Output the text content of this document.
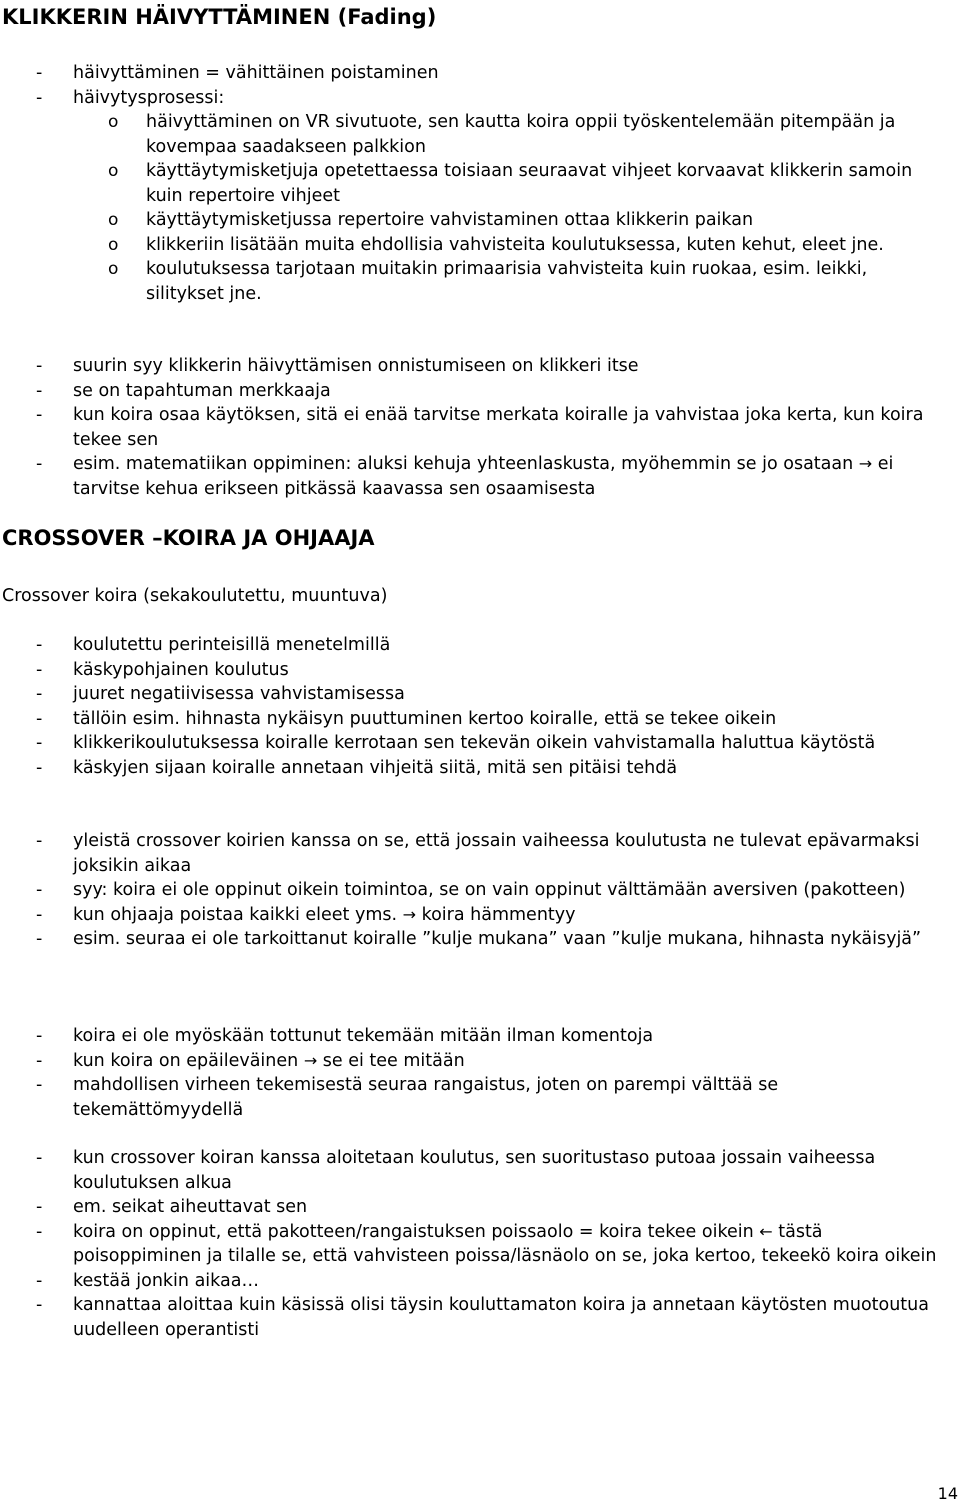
KLIKKERIN HÄIVYTTÄMINEN (Fading)
- häivyttäminen = vähittäinen poistaminen
- häivytysprosessi:
o häivyttäminen on VR sivutuote, sen kautta koira oppii työskentelemään pitempään ja kovempaa saadakseen palkkion
o käyttäytymisketjuja opetettaessa toisiaan seuraavat vihjeet korvaavat klikkerin samoin kuin repertoire vihjeet
o käyttäytymisketjussa repertoire vahvistaminen ottaa klikkerin paikan
o klikkeriin lisätään muita ehdollisia vahvisteita koulutuksessa, kuten kehut, eleet jne.
o koulutuksessa tarjotaan muitakin primaarisia vahvisteita kuin ruokaa, esim. leikki, silitykset jne.
- suurin syy klikkerin häivyttämisen onnistumiseen on klikkeri itse
- se on tapahtuman merkkaaja
- kun koira osaa käytöksen, sitä ei enää tarvitse merkata koiralle ja vahvistaa joka kerta, kun koira tekee sen
- esim. matematiikan oppiminen: aluksi kehuja yhteenlaskusta, myöhemmin se jo osataan → ei tarvitse kehua erikseen pitkässä kaavassa sen osaamisesta
CROSSOVER –KOIRA JA OHJAAJA

Crossover koira (sekakoulutettu, muuntuva)

- koulutettu perinteisillä menetelmillä
- käskypohjainen koulutus
- juuret negatiivisessa vahvistamisessa
- tällöin esim. hihnasta nykäisyn puuttuminen kertoo koiralle, että se tekee oikein
- klikkerikoulutuksessa koiralle kerrotaan sen tekevän oikein vahvistamalla haluttua käytöstä
- käskyjen sijaan koiralle annetaan vihjeitä siitä, mitä sen pitäisi tehdä
- yleistä crossover koirien kanssa on se, että jossain vaiheessa koulutusta ne tulevat epävarmaksi joksikin aikaa
- syy: koira ei ole oppinut oikein toimintoa, se on vain oppinut välttämään aversiven (pakotteen)
- kun ohjaaja poistaa kaikki eleet yms. → koira hämmentyy
- esim. seuraa ei ole tarkoittanut koiralle ”kulje mukana” vaan ”kulje mukana, hihnasta nykäisyjä”
- koira ei ole myöskään tottunut tekemään mitään ilman komentoja
- kun koira on epäileväinen → se ei tee mitään
- mahdollisen virheen tekemisestä seuraa rangaistus, joten on parempi välttää se tekemättömyydellä
- kun crossover koiran kanssa aloitetaan koulutus, sen suoritustaso putoaa jossain vaiheessa koulutuksen alkua
- em. seikat aiheuttavat sen
- koira on oppinut, että pakotteen/rangaistuksen poissaolo = koira tekee oikein ← tästä poisoppiminen ja tilalle se, että vahvisteen poissa/läsnäolo on se, joka kertoo, tekeekö koira oikein
- kestää jonkin aikaa…
- kannattaa aloittaa kuin käsissä olisi täysin kouluttamaton koira ja annetaan käytösten muotoutua uudelleen operantisti
14
